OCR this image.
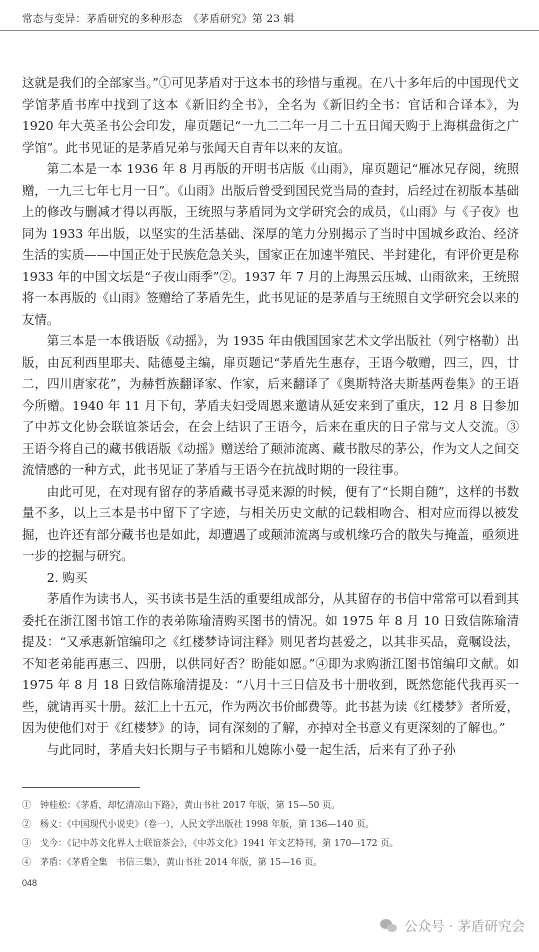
常态与变异：茅盾研究的多种形态　《茅盾研究》第 23 辑

这就是我们的全部家当。”①可见茅盾对于这本书的珍惜与重视。在八十多年后的中国现代文学馆茅盾书库中找到了这本《新旧约全书》，全名为《新旧约全书：官话和合译本》，为 1920 年大英圣书公会印发，扉页题记“一九二二年一月二十五日闻天购于上海棋盘街之广学馆”。此书见证的是茅盾兄弟与张闻天自青年以来的友谊。

第二本是一本 1936 年 8 月再版的开明书店版《山雨》，扉页题记“雁冰兄存阅，统照赠，一九三七年七月一日”。《山雨》出版后曾受到国民党当局的查封，后经过在初版本基础上的修改与删减才得以再版，王统照与茅盾同为文学研究会的成员，《山雨》与《子夜》也同为 1933 年出版，以坚实的生活基础、深厚的笔力分别揭示了当时中国城乡政治、经济生活的实质——中国正处于民族危急关头，国家正在加速半殖民、半封建化，有评价更是称 1933 年的中国文坛是“子夜山雨季”②。1937 年 7 月的上海黑云压城、山雨欲来，王统照将一本再版的《山雨》签赠给了茅盾先生，此书见证的是茅盾与王统照自文学研究会以来的友情。

第三本是一本俄语版《动摇》，为 1935 年由俄国国家艺术文学出版社（列宁格勒）出版，由瓦利西里耶夫、陆德曼主编，扉页题记“茅盾先生惠存，王语今敬赠，四三，四，廿二，四川唐家花”，为赫哲族翻译家、作家，后来翻译了《奥斯特洛夫斯基两卷集》的王语今所赠。1940 年 11 月下旬，茅盾夫妇受周恩来邀请从延安来到了重庆，12 月 8 日参加了中苏文化协会联谊茶话会，在会上结识了王语今，后来在重庆的日子常与文人交流。③ 王语今将自己的藏书俄语版《动摇》赠送给了颠沛流离、藏书散尽的茅公，作为文人之间交流情感的一种方式，此书见证了茅盾与王语今在抗战时期的一段往事。

由此可见，在对现有留存的茅盾藏书寻觅来源的时候，便有了“长期自随”，这样的书数量不多，以上三本是书中留下了字迹，与相关历史文献的记载相吻合、相对应而得以被发掘，也许还有部分藏书也是如此，却遭遇了或颠沛流离与或机缘巧合的散失与掩盖，亟须进一步的挖掘与研究。

2. 购买

茅盾作为读书人，买书读书是生活的重要组成部分，从其留存的书信中常常可以看到其委托在浙江图书馆工作的表弟陈瑜清购买图书的情况。如 1975 年 8 月 10 日致信陈瑜清提及：“又承惠新馆编印之《红楼梦诗词注释》则见者均甚爱之，以其非买品，竟嘱设法，不知老弟能再惠三、四册，以供同好否？盼能如愿。”④即为求购浙江图书馆编印文献。如 1975 年 8 月 18 日致信陈瑜清提及：“八月十三日信及书十册收到，既然您能代我再买一些，就请再买十册。兹汇上十五元，作为两次书价邮费等。此书甚为读《红楼梦》者所爱，因为使他们对于《红楼梦》的诗，词有深刻的了解，亦掉对全书意义有更深刻的了解也。”

与此同时，茅盾夫妇长期与子韦韬和儿媳陈小曼一起生活，后来有了孙子孙

①　钟桂松：《茅盾，却忆清凉山下路》，黄山书社 2017 年版，第 15—50 页。
②　杨义：《中国现代小说史》（卷一），人民文学出版社 1998 年版，第 136—140 页。
③　戈今：《记中苏文化界人士联谊茶会》，《中苏文化》1941 年文艺特刊，第 170—172 页。
④　茅盾：《茅盾全集　书信三集》，黄山书社 2014 年版，第 15—16 页。
048
公众号 · 茅盾研究会
